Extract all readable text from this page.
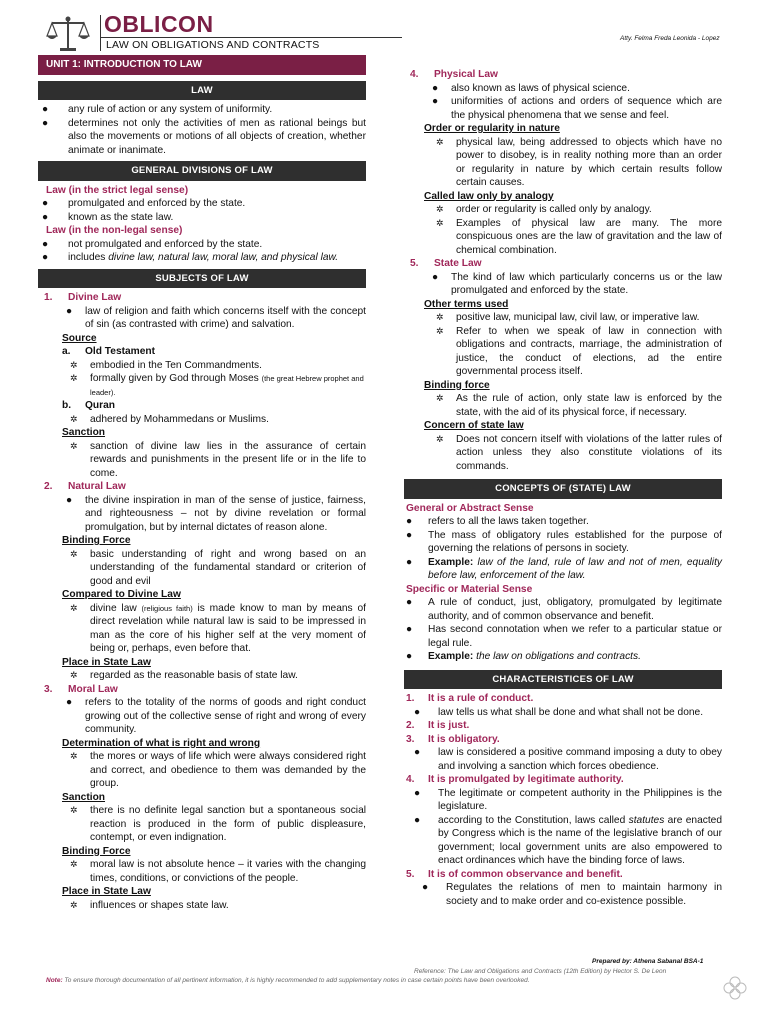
OBLICON
LAW ON OBLIGATIONS AND CONTRACTS
Atty. Felma Freda Leonida - Lopez
UNIT 1: INTRODUCTION TO LAW
LAW
●	any rule of action or any system of uniformity.
●	determines not only the activities of men as rational beings but also the movements or motions of all objects of creation, whether animate or inanimate.
GENERAL DIVISIONS OF LAW
Law (in the strict legal sense)
●	promulgated and enforced by the state.
●	known as the state law.
Law (in the non-legal sense)
●	not promulgated and enforced by the state.
●	includes divine law, natural law, moral law, and physical law.
SUBJECTS OF LAW
1.	Divine Law
●	law of religion and faith which concerns itself with the concept of sin (as contrasted with crime) and salvation.
Source
a.	Old Testament
✲	embodied in the Ten Commandments.
✲	formally given by God through Moses (the great Hebrew prophet and leader).
b.	Quran
✲	adhered by Mohammedans or Muslims.
Sanction
✲	sanction of divine law lies in the assurance of certain rewards and punishments in the present life or in the life to come.
2.	Natural Law
●	the divine inspiration in man of the sense of justice, fairness, and righteousness – not by divine revelation or formal promulgation, but by internal dictates of reason alone.
Binding Force
✲	basic understanding of right and wrong based on an understanding of the fundamental standard or criterion of good and evil
Compared to Divine Law
✲	divine law (religious faith) is made know to man by means of direct revelation while natural law is said to be impressed in man as the core of his higher self at the very moment of being or, perhaps, even before that.
Place in State Law
✲	regarded as the reasonable basis of state law.
3.	Moral Law
●	refers to the totality of the norms of goods and right conduct growing out of the collective sense of right and wrong of every community.
Determination of what is right and wrong
✲	the mores or ways of life which were always considered right and correct, and obedience to them was demanded by the group.
Sanction
✲	there is no definite legal sanction but a spontaneous social reaction is produced in the form of public displeasure, contempt, or even indignation.
Binding Force
✲	moral law is not absolute hence – it varies with the changing times, conditions, or convictions of the people.
Place in State Law
✲	influences or shapes state law.
4.	Physical Law
●	also known as laws of physical science.
●	uniformities of actions and orders of sequence which are the physical phenomena that we sense and feel.
Order or regularity in nature
✲	physical law, being addressed to objects which have no power to disobey, is in reality nothing more than an order or regularity in nature by which certain results follow certain causes.
Called law only by analogy
✲	order or regularity is called only by analogy.
✲	Examples of physical law are many. The more conspicuous ones are the law of gravitation and the law of chemical combination.
5.	State Law
●	The kind of law which particularly concerns us or the law promulgated and enforced by the state.
Other terms used
✲	positive law, municipal law, civil law, or imperative law.
✲	Refer to when we speak of law in connection with obligations and contracts, marriage, the administration of justice, the conduct of elections, ad the entire governmental process itself.
Binding force
✲	As the rule of action, only state law is enforced by the state, with the aid of its physical force, if necessary.
Concern of state law
✲	Does not concern itself with violations of the latter rules of action unless they also constitute violations of its commands.
CONCEPTS OF (STATE) LAW
General or Abstract Sense
●	refers to all the laws taken together.
●	The mass of obligatory rules established for the purpose of governing the relations of persons in society.
●	Example: law of the land, rule of law and not of men, equality before law, enforcement of the law.
Specific or Material Sense
●	A rule of conduct, just, obligatory, promulgated by legitimate authority, and of common observance and benefit.
●	Has second connotation when we refer to a particular statue or legal rule.
●	Example: the law on obligations and contracts.
CHARACTERISTICES OF LAW
1.	It is a rule of conduct.
●	law tells us what shall be done and what shall not be done.
2.	It is just.
3.	It is obligatory.
●	law is considered a positive command imposing a duty to obey and involving a sanction which forces obedience.
4.	It is promulgated by legitimate authority.
●	The legitimate or competent authority in the Philippines is the legislature.
●	according to the Constitution, laws called statutes are enacted by Congress which is the name of the legislative branch of our government; local government units are also empowered to enact ordinances which have the binding force of laws.
5.	It is of common observance and benefit.
●	Regulates the relations of men to maintain harmony in society and to make order and co-existence possible.
Prepared by: Athena Sabanal BSA-1
Reference: The Law and Obligations and Contracts (12th Edition) by Hector S. De Leon
Note: To ensure thorough documentation of all pertinent information, it is highly recommended to add supplementary notes in case certain points have been overlooked.
